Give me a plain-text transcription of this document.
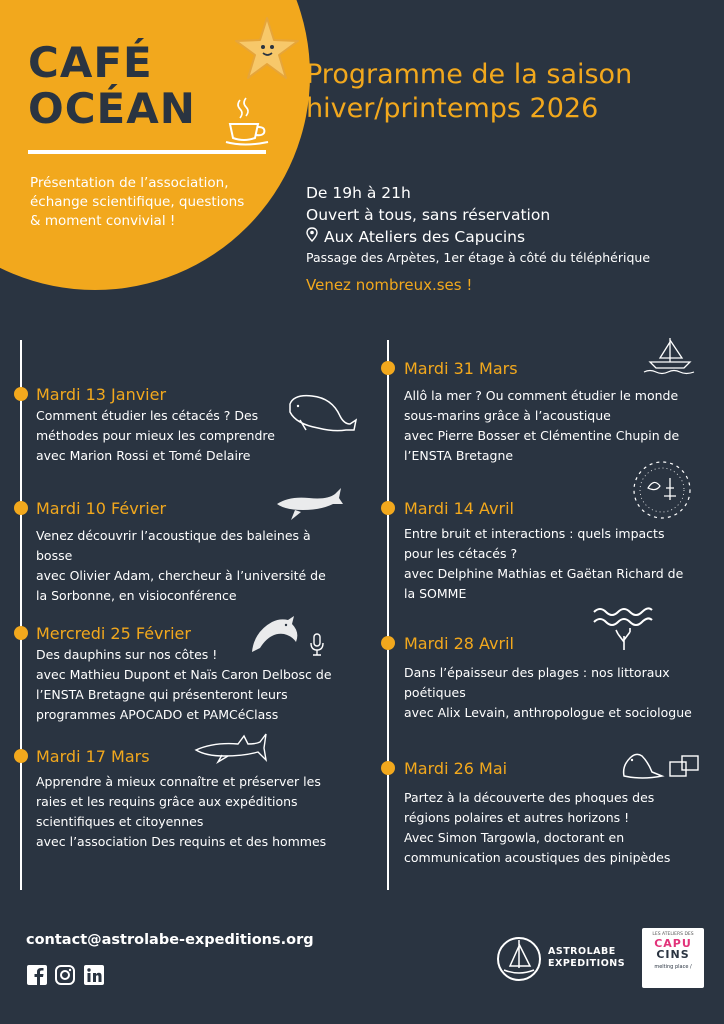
CAFÉ
OCÉAN
Présentation de l’association, échange scientifique, questions & moment convivial !
Programme de la saison
hiver/printemps 2026
De 19h à 21h
Ouvert à tous, sans réservation
Aux Ateliers des Capucins
Passage des Arpètes, 1er étage à côté du téléphérique
Venez nombreux.ses !
Mardi 13 Janvier
Comment étudier les cétacés ? Des
méthodes pour mieux les comprendre
avec Marion Rossi et Tomé Delaire
Mardi 10 Février
Venez découvrir l’acoustique des baleines à
bosse
avec Olivier Adam, chercheur à l’université de
la Sorbonne, en visioconférence
Mercredi 25 Février
Des dauphins sur nos côtes !
avec Mathieu Dupont et Naïs Caron Delbosc de
l’ENSTA Bretagne qui présenteront leurs
programmes APOCADO et PAMCéClass
Mardi 17 Mars
Apprendre à mieux connaître et préserver les
raies et les requins grâce aux expéditions
scientifiques et citoyennes
avec l’association Des requins et des hommes
Mardi 31 Mars
Allô la mer ? Ou comment étudier le monde
sous-marins grâce à l’acoustique
avec Pierre Bosser et Clémentine Chupin de
l’ENSTA Bretagne
Mardi 14 Avril
Entre bruit et interactions : quels impacts
pour les cétacés ?
avec Delphine Mathias et Gaëtan Richard de
la SOMME
Mardi 28 Avril
Dans l’épaisseur des plages : nos littoraux
poétiques
avec Alix Levain, anthropologue et sociologue
Mardi 26 Mai
Partez à la découverte des phoques des
régions polaires et autres horizons !
Avec Simon Targowla, doctorant en
communication acoustiques des pinipèdes
contact@astrolabe-expeditions.org
ASTROLABE
EXPEDITIONS
LES ATELIERS DES
CAPU
CINS
melting place /
